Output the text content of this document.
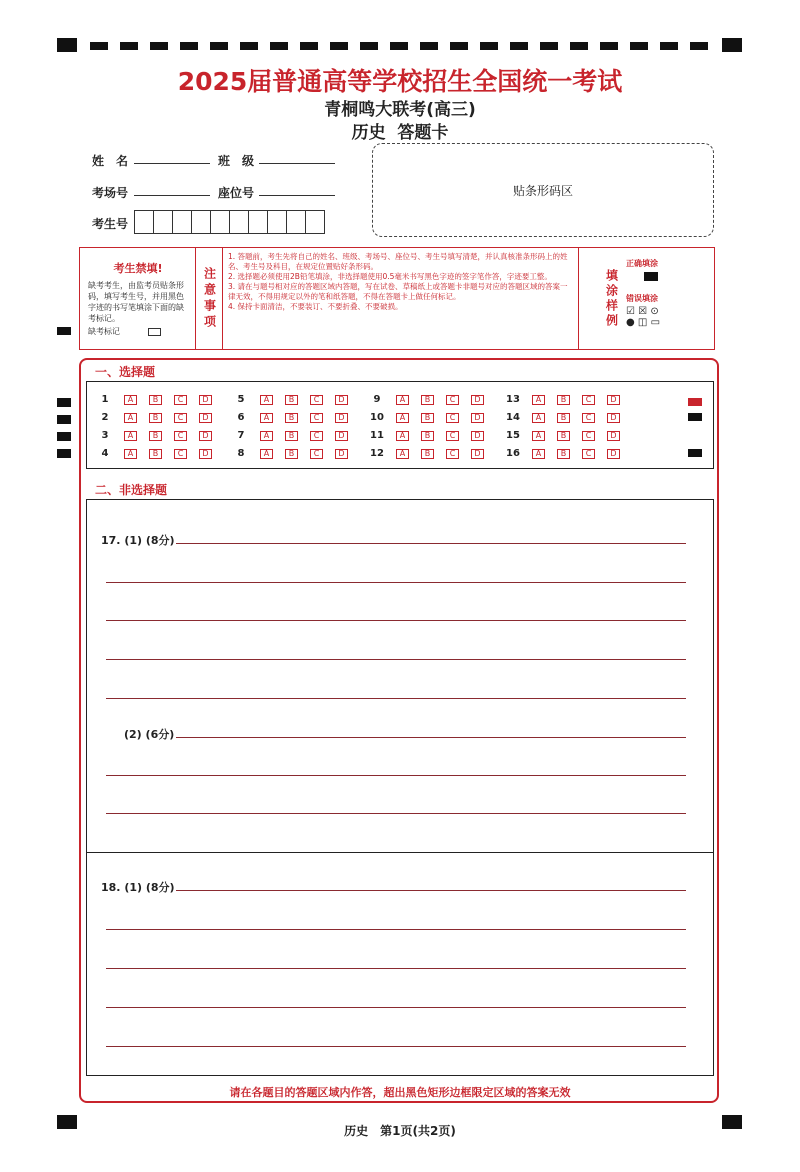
2025届普通高等学校招生全国统一考试
青桐鸣大联考(高三)
历史  答题卡
姓　名	班　级
考场号	座位号
考生号
贴条形码区
考生禁填!
缺考考生，由监考员贴条形码，填写考生号，并用黑色字迹的书写笔填涂下面的缺考标记。
缺考标记
注意事项
1. 答题前，考生先将自己的姓名、班级、考场号、座位号、考生号填写清楚，并认真核准条形码上的姓名、考生号及科目，在规定位置贴好条形码。
2. 选择题必须使用2B铅笔填涂，非选择题使用0.5毫米书写黑色字迹的签字笔作答，字迹要工整。
3. 请在与题号相对应的答题区域内答题，写在试卷、草稿纸上或答题卡非题号对应的答题区域的答案一律无效，不得用规定以外的笔和纸答题，不得在答题卡上做任何标记。
4. 保持卡面清洁，不要装订、不要折叠、不要破损。	填涂样例
正确填涂
错误填涂
☑ ☒ ⊙
● ◫ ▭
一、选择题
1	A	B	C	D
2	A	B	C	D
3	A	B	C	D
4	A	B	C	D
5	A	B	C	D
6	A	B	C	D
7	A	B	C	D
8	A	B	C	D
9	A	B	C	D
10	A	B	C	D
11	A	B	C	D
12	A	B	C	D
13	A	B	C	D
14	A	B	C	D
15	A	B	C	D
16	A	B	C	D
二、非选择题
17. (1) (8分)
(2) (6分)
18. (1) (8分)
请在各题目的答题区域内作答，超出黑色矩形边框限定区域的答案无效
历史　第1页(共2页)
